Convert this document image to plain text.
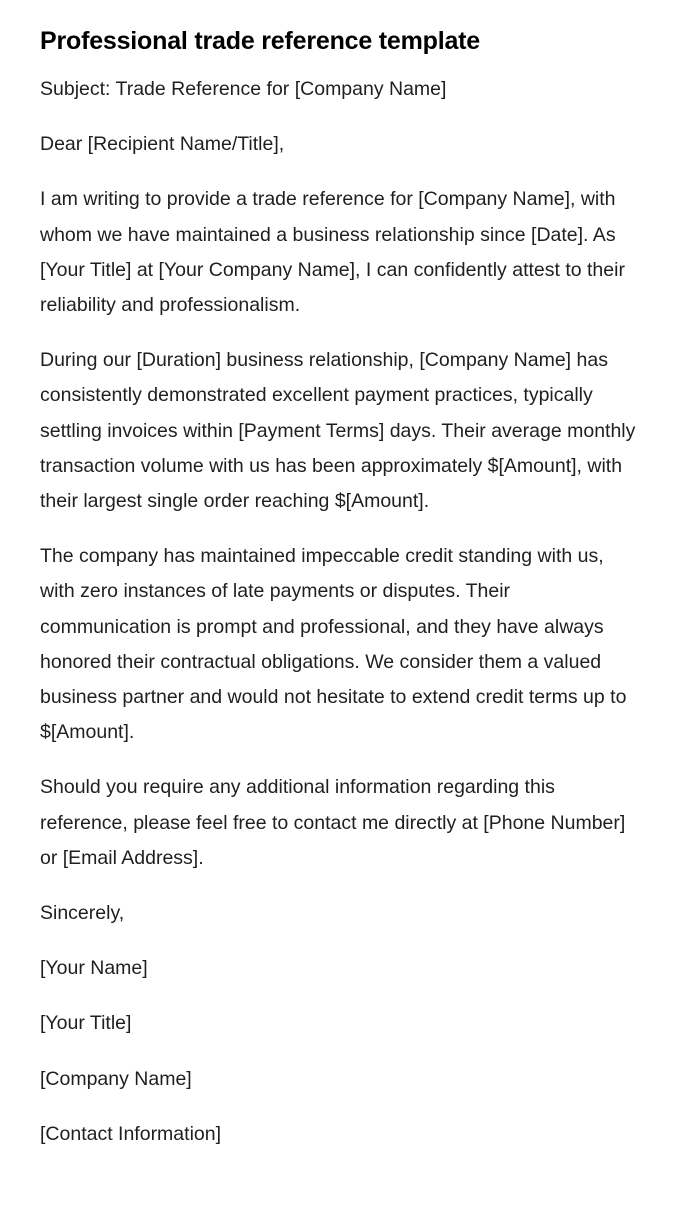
Professional trade reference template

Subject: Trade Reference for [Company Name]

Dear [Recipient Name/Title],

I am writing to provide a trade reference for [Company Name], with whom we have maintained a business relationship since [Date]. As [Your Title] at [Your Company Name], I can confidently attest to their reliability and professionalism.

During our [Duration] business relationship, [Company Name] has consistently demonstrated excellent payment practices, typically settling invoices within [Payment Terms] days. Their average monthly transaction volume with us has been approximately $[Amount], with their largest single order reaching $[Amount].

The company has maintained impeccable credit standing with us, with zero instances of late payments or disputes. Their communication is prompt and professional, and they have always honored their contractual obligations. We consider them a valued business partner and would not hesitate to extend credit terms up to $[Amount].

Should you require any additional information regarding this reference, please feel free to contact me directly at [Phone Number] or [Email Address].

Sincerely,

[Your Name]

[Your Title]

[Company Name]

[Contact Information]
